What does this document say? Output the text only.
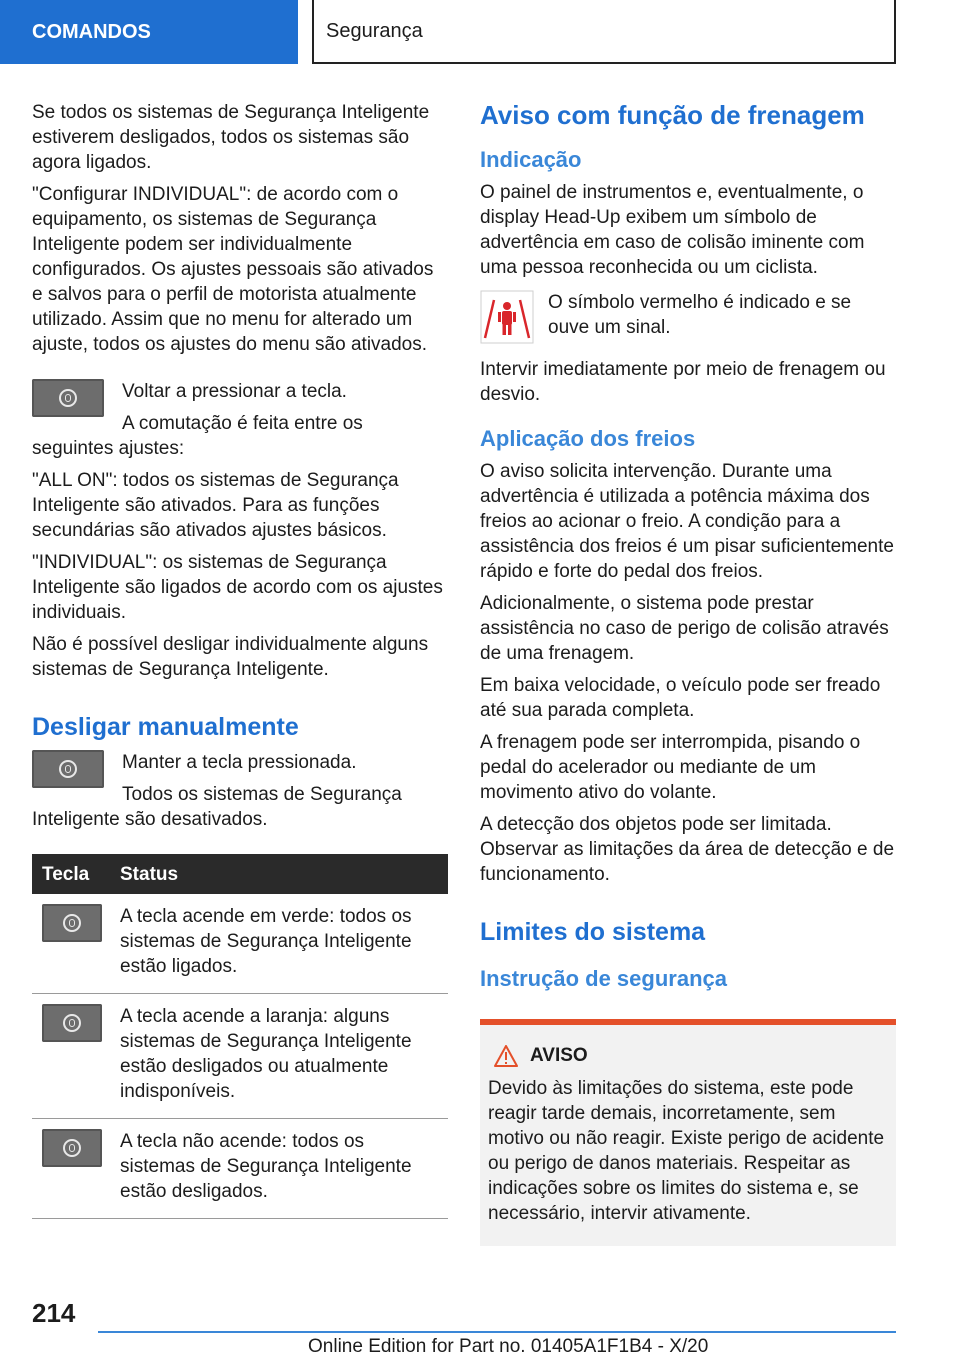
COMANDOS	Segurança

Se todos os sistemas de Segurança Inteligente estiverem desligados, todos os sistemas são agora ligados.

"Configurar INDIVIDUAL": de acordo com o equipamento, os sistemas de Segurança Inteligente podem ser individualmente configurados. Os ajustes pessoais são ativados e salvos para o perfil de motorista atualmente utilizado. Assim que no menu for alterado um ajuste, todos os ajustes do menu são ativados.

Voltar a pressionar a tecla.

A comutação é feita entre os seguintes ajustes:

"ALL ON": todos os sistemas de Segurança Inteligente são ativados. Para as funções secundárias são ativados ajustes básicos.

"INDIVIDUAL": os sistemas de Segurança Inteligente são ligados de acordo com os ajustes individuais.

Não é possível desligar individualmente alguns sistemas de Segurança Inteligente.

Desligar manualmente

Manter a tecla pressionada.

Todos os sistemas de Segurança Inteligente são desativados.

Tecla	Status

	A tecla acende em verde: todos os sistemas de Segurança Inteligente estão ligados.

	A tecla acende a laranja: alguns sistemas de Segurança Inteligente estão desligados ou atualmente indisponíveis.

	A tecla não acende: todos os sistemas de Segurança Inteligente estão desligados.
Aviso com função de frenagem
Indicação

O painel de instrumentos e, eventualmente, o display Head-Up exibem um símbolo de advertência em caso de colisão iminente com uma pessoa reconhecida ou um ciclista.

O símbolo vermelho é indicado e se ouve um sinal.

Intervir imediatamente por meio de frenagem ou desvio.

Aplicação dos freios

O aviso solicita intervenção. Durante uma advertência é utilizada a potência máxima dos freios ao acionar o freio. A condição para a assistência dos freios é um pisar suficientemente rápido e forte do pedal dos freios.

Adicionalmente, o sistema pode prestar assistência no caso de perigo de colisão através de uma frenagem.

Em baixa velocidade, o veículo pode ser freado até sua parada completa.

A frenagem pode ser interrompida, pisando o pedal do acelerador ou mediante de um movimento ativo do volante.

A detecção dos objetos pode ser limitada. Observar as limitações da área de detecção e de funcionamento.

Limites do sistema
Instrução de segurança
AVISO

Devido às limitações do sistema, este pode reagir tarde demais, incorretamente, sem motivo ou não reagir. Existe perigo de acidente ou perigo de danos materiais. Respeitar as indicações sobre os limites do sistema e, se necessário, intervir ativamente.

214
Online Edition for Part no. 01405A1F1B4 - X/20
